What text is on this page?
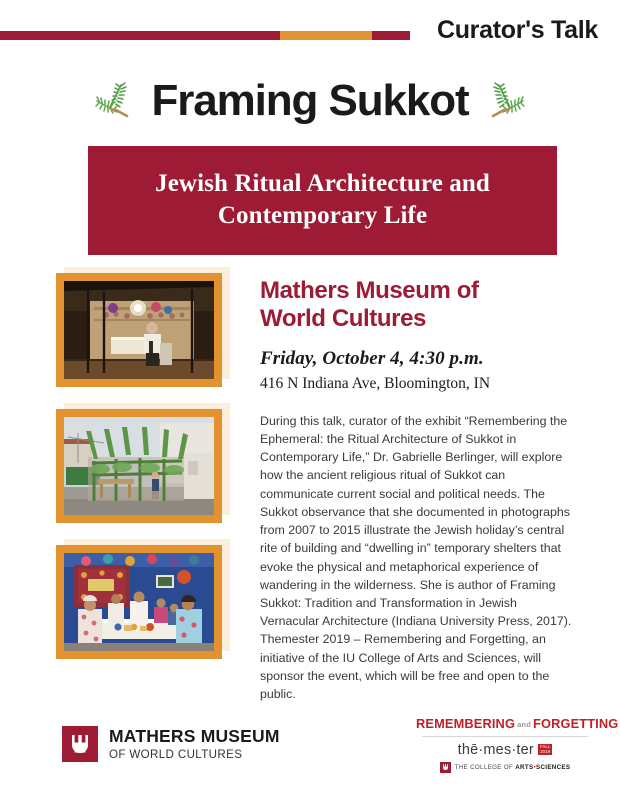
Curator's Talk
Framing Sukkot
Jewish Ritual Architecture and
Contemporary Life
Mathers Museum of
World Cultures
Friday, October 4, 4:30 p.m.
416 N Indiana Ave, Bloomington, IN

During this talk, curator of the exhibit “Remembering the Ephemeral: the Ritual Architecture of Sukkot in Contemporary Life,” Dr. Gabrielle Berlinger, will explore how the ancient religious ritual of Sukkot can communicate current social and political needs. The Sukkot observance that she documented in photographs from 2007 to 2015 illustrate the Jewish holiday’s central rite of building and “dwelling in” temporary shelters that evoke the physical and metaphorical experience of wandering in the wilderness. She is author of Framing Sukkot: Tradition and Transformation in Jewish Vernacular Architecture (Indiana University Press, 2017). Themester 2019 – Remembering and Forgetting, an initiative of the IU College of Arts and Sciences, will sponsor the event, which will be free and open to the public.

MATHERS MUSEUM
OF WORLD CULTURES
REMEMBERING and FORGETTING
thē·mes·ter	FALL
2019
THE COLLEGE OF ARTS•SCIENCES
